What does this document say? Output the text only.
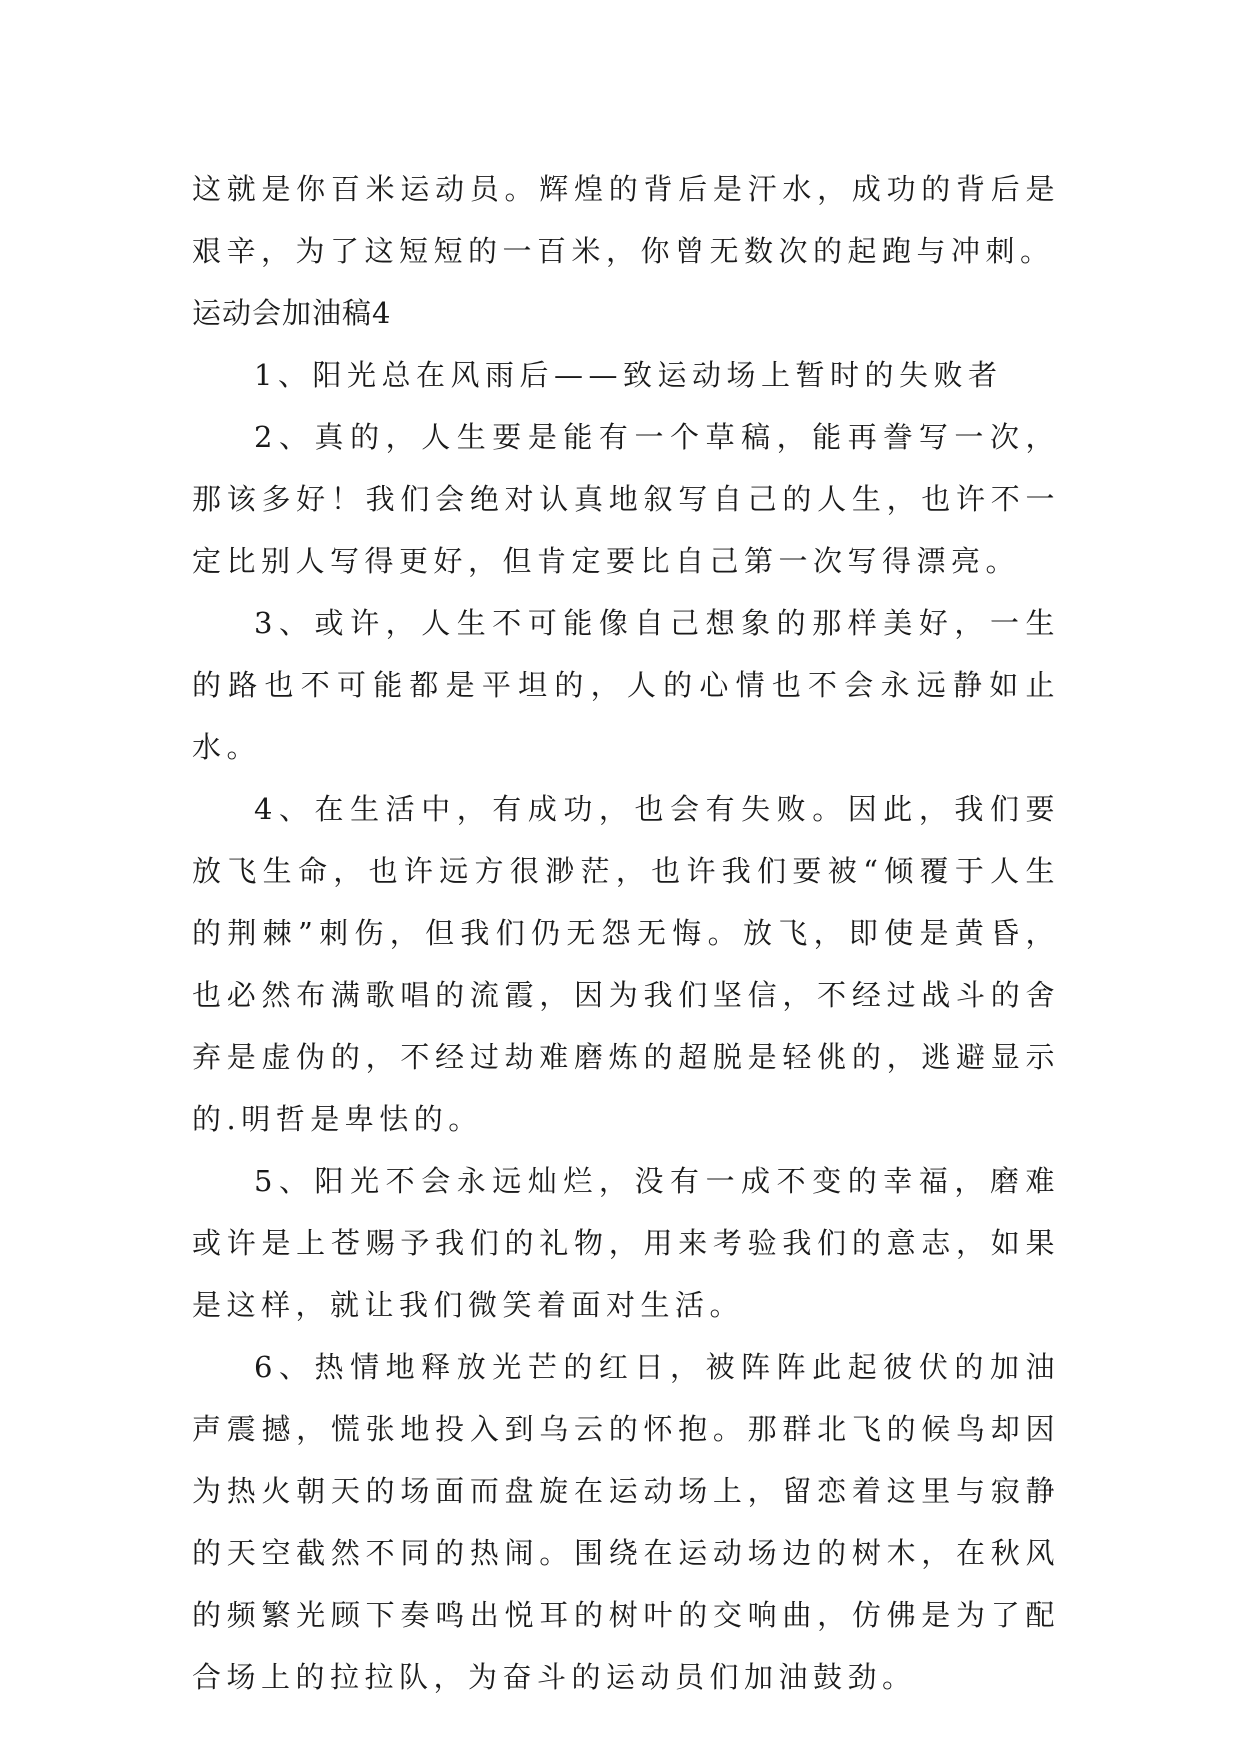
这就是你百米运动员。辉煌的背后是汗水，成功的背后是艰辛，为了这短短的一百米，你曾无数次的起跑与冲刺。

运动会加油稿4

1、阳光总在风雨后——致运动场上暂时的失败者

2、真的，人生要是能有一个草稿，能再誊写一次，那该多好！我们会绝对认真地叙写自己的人生，也许不一定比别人写得更好，但肯定要比自己第一次写得漂亮。

3、或许，人生不可能像自己想象的那样美好，一生的路也不可能都是平坦的，人的心情也不会永远静如止水。

4、在生活中，有成功，也会有失败。因此，我们要放飞生命，也许远方很渺茫，也许我们要被“倾覆于人生的荆棘”刺伤，但我们仍无怨无悔。放飞，即使是黄昏，也必然布满歌唱的流霞，因为我们坚信，不经过战斗的舍弃是虚伪的，不经过劫难磨炼的超脱是轻佻的，逃避显示的.明哲是卑怯的。

5、阳光不会永远灿烂，没有一成不变的幸福，磨难或许是上苍赐予我们的礼物，用来考验我们的意志，如果是这样，就让我们微笑着面对生活。

6、热情地释放光芒的红日，被阵阵此起彼伏的加油声震撼，慌张地投入到乌云的怀抱。那群北飞的候鸟却因为热火朝天的场面而盘旋在运动场上，留恋着这里与寂静的天空截然不同的热闹。围绕在运动场边的树木，在秋风的频繁光顾下奏鸣出悦耳的树叶的交响曲，仿佛是为了配合场上的拉拉队，为奋斗的运动员们加油鼓劲。
